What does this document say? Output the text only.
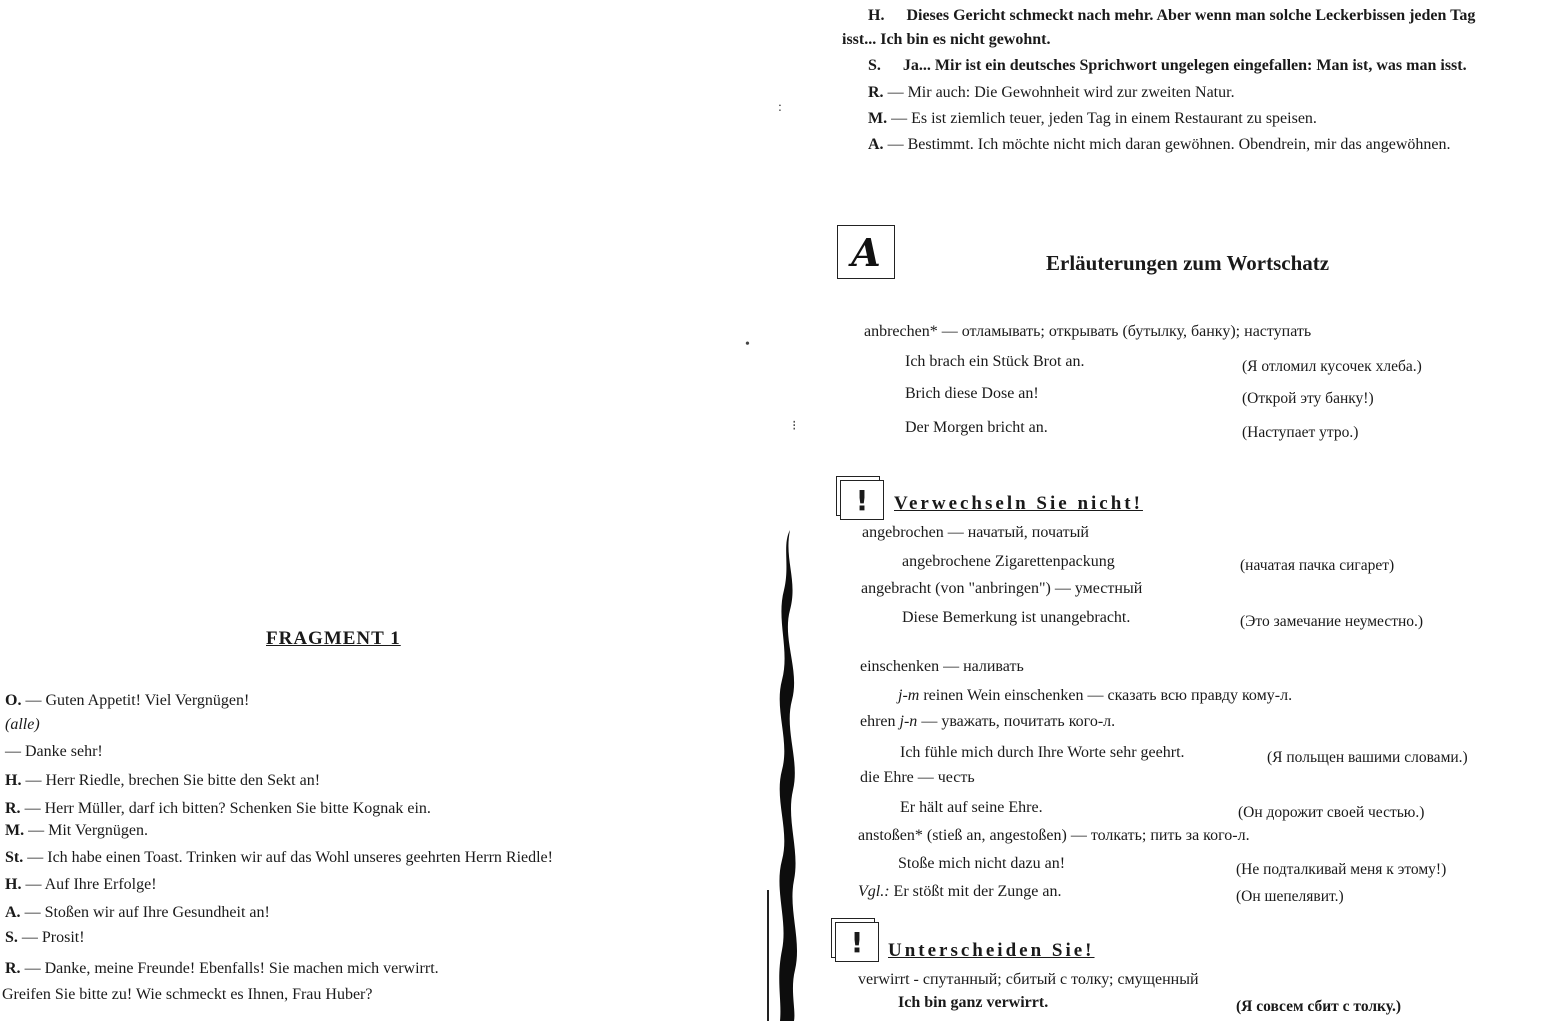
FRAGMENT 1
O. — Guten Appetit! Viel Vergnügen!
(alle)
— Danke sehr!
H. — Herr Riedle, brechen Sie bitte den Sekt an!
R. — Herr Müller, darf ich bitten? Schenken Sie bitte Kognak ein.
M. — Mit Vergnügen.
St. — Ich habe einen Toast. Trinken wir auf das Wohl unseres geehrten Herrn Riedle!
H. — Auf Ihre Erfolge!
A. — Stoßen wir auf Ihre Gesundheit an!
S. — Prosit!
R. — Danke, meine Freunde! Ebenfalls! Sie machen mich verwirrt.
Greifen Sie bitte zu! Wie schmeckt es Ihnen, Frau Huber?
•
:
⁝
H. Dieses Gericht schmeckt nach mehr. Aber wenn man solche Leckerbissen jeden Tag
isst... Ich bin es nicht gewohnt.
S. Ja... Mir ist ein deutsches Sprichwort ungelegen eingefallen: Man ist, was man isst.
R. — Mir auch: Die Gewohnheit wird zur zweiten Natur.
M. — Es ist ziemlich teuer, jeden Tag in einem Restaurant zu speisen.
A. — Bestimmt. Ich möchte nicht mich daran gewöhnen. Obendrein, mir das angewöhnen.
A	Erläuterungen zum Wortschatz
anbrechen* — отламывать; открывать (бутылку, банку); наступать
Ich brach ein Stück Brot an.	(Я отломил кусочек хлеба.)
Brich diese Dose an!	(Открой эту банку!)
Der Morgen bricht an.	(Наступает утро.)
! Verwechseln Sie nicht!
angebrochen — начатый, початый
angebrochene Zigarettenpackung	(начатая пачка сигарет)
angebracht (von "anbringen") — уместный
Diese Bemerkung ist unangebracht.	(Это замечание неуместно.)
einschenken — наливать
j-m reinen Wein einschenken — сказать всю правду кому-л.
ehren j-n — уважать, почитать кого-л.
Ich fühle mich durch Ihre Worte sehr geehrt.	(Я польщен вашими словами.)
die Ehre — честь
Er hält auf seine Ehre.	(Он дорожит своей честью.)
anstoßen* (stieß an, angestoßen) — толкать; пить за кого-л.
Stoße mich nicht dazu an!	(Не подталкивай меня к этому!)
Vgl.: Er stößt mit der Zunge an.	(Он шепелявит.)
! Unterscheiden Sie!
verwirrt - спутанный; сбитый с толку; смущенный
Ich bin ganz verwirrt.	(Я совсем сбит с толку.)
